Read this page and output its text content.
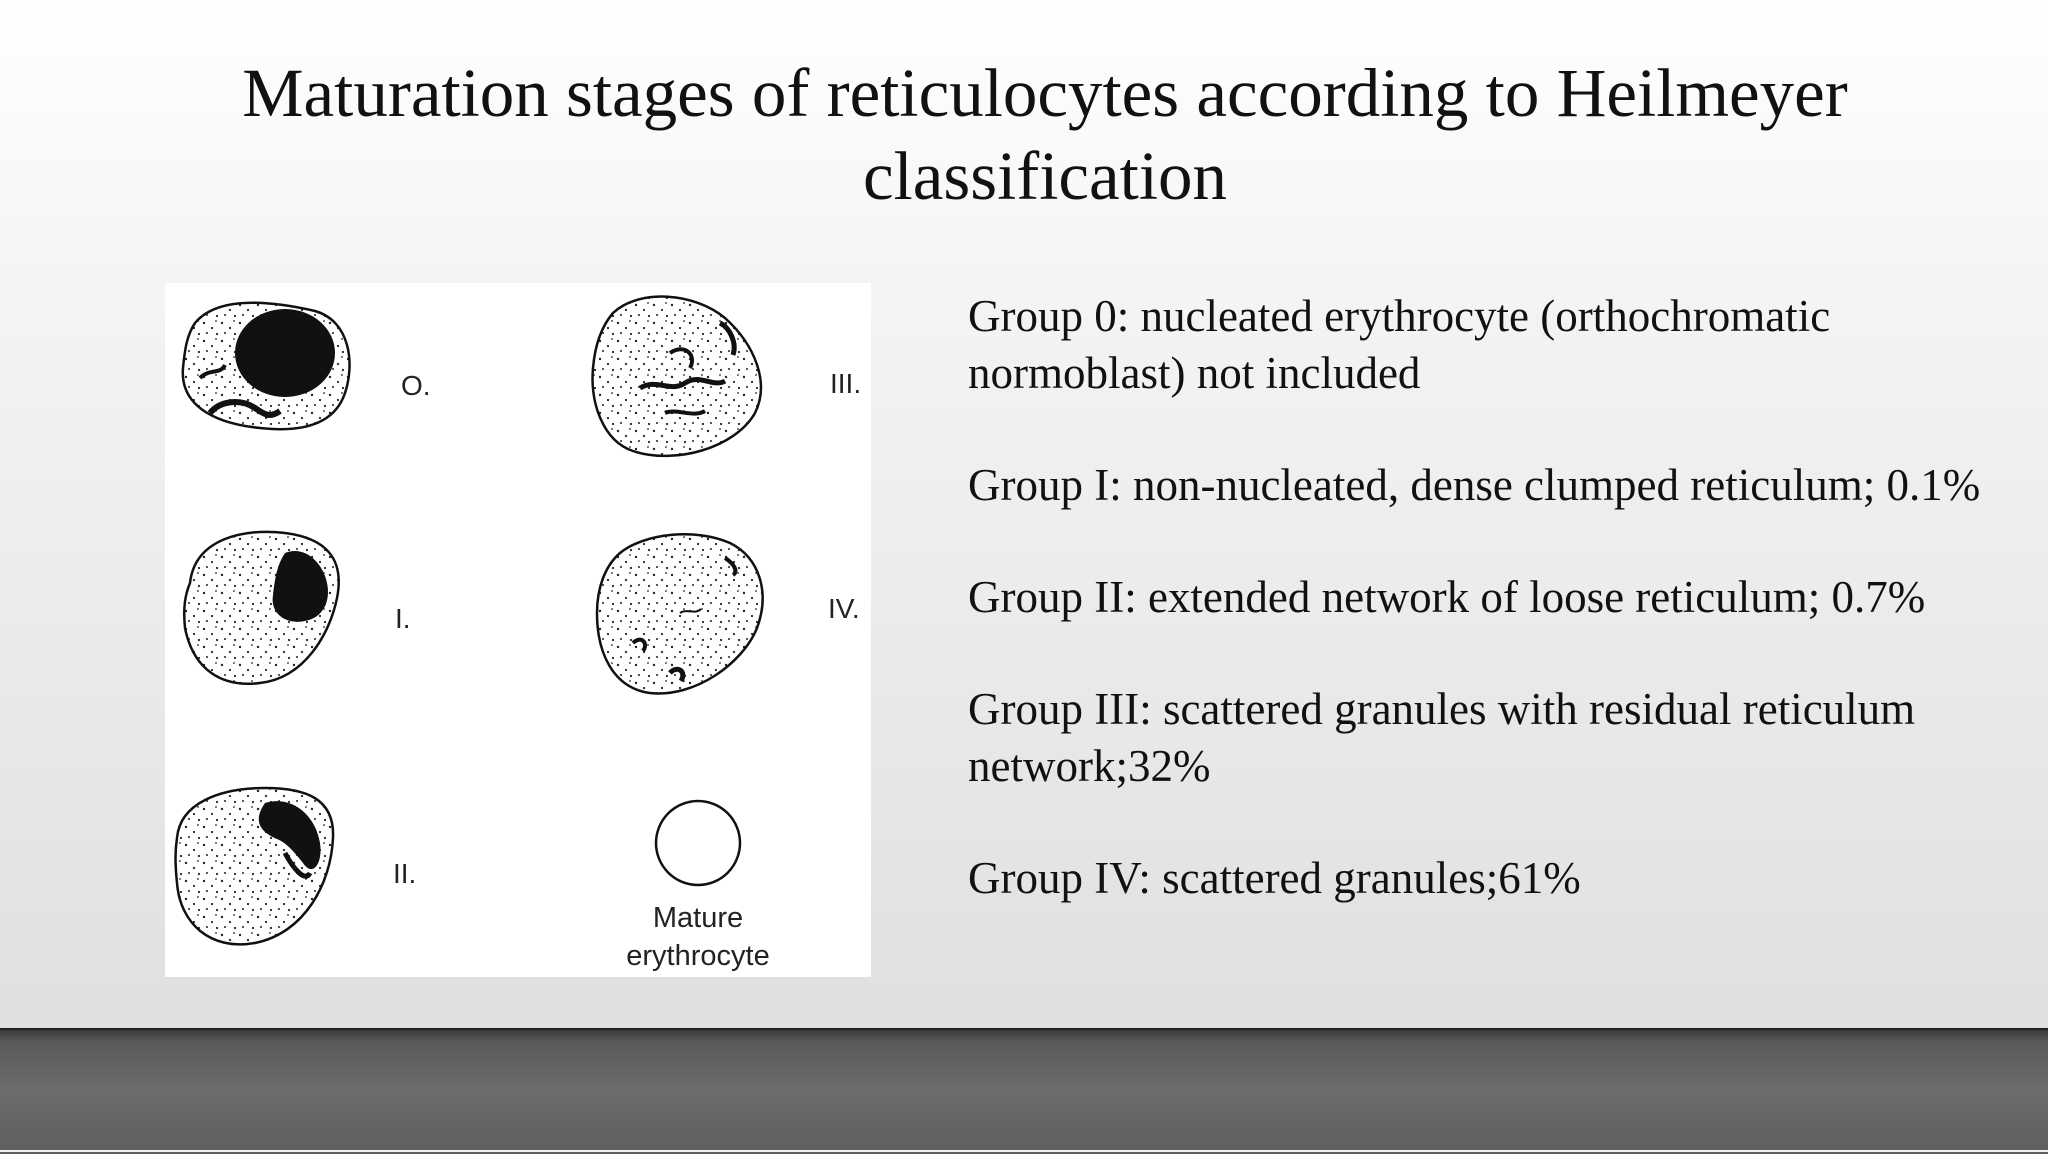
Maturation stages of reticulocytes according to Heilmeyer
classification
O.
I.
II.
III.
IV.
Mature
erythrocyte

Group 0: nucleated erythrocyte (orthochromatic normoblast) not included

Group I: non-nucleated, dense clumped reticulum; 0.1%

Group II: extended network of loose reticulum; 0.7%

Group III: scattered granules with residual reticulum network;32%

Group IV: scattered granules;61%
